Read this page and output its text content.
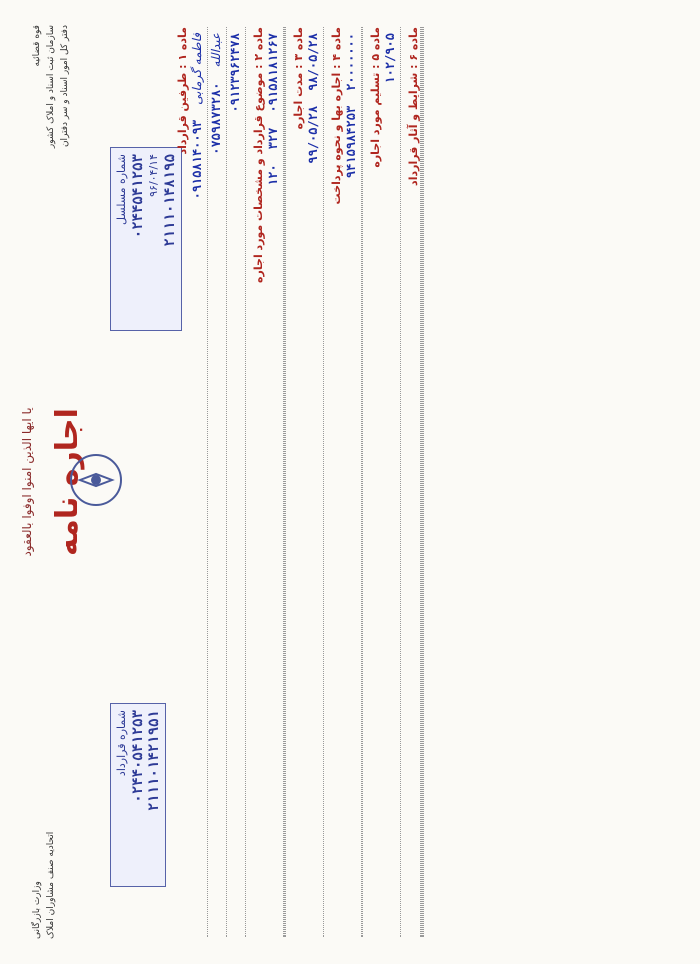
یا ایها الذین امنوا اوفوا بالعقود اجاره نامه
قوه قضائیه سازمان ثبت اسناد و املاک کشور دفتر کل امور اسناد و سر دفتران
وزارت بازرگانی اتحادیه صنف مشاوران املاک
شماره مسلسل ۰۲۴۴۵۴۱۲۵۳ ۹۶/۰۴/۱۴ ۲۱۱۱۰۱۴۸۱۹۵
شماره قرارداد ۰۲۴۴۰۵۴۱۲۵۳ ۲۱۱۱۰۱۴۲۱۹۵۱
ماده ۱ : طرفین قرارداد فاطمه گرمابی ۰۹۱۵۸۱۴۰۰۹۳
عبدالله ۰۷۵۹۸۷۳۲۸۰
۰۹۱۲۳۹۶۲۴۷۸ ماده ۲ : موضوع قرارداد و مشخصات مورد اجاره ۰۹۱۵۸۱۸۱۲۶۷ ۳۲۷ ۱۲۰
ماده ۳ : مدت اجاره ۹۸/۰۵/۲۸ ۹۹/۰۵/۲۸ ماده ۴ : اجاره بها و نحوه پرداخت ۲۰۰۰۰۰۰۰ ۹۴۱۵۹۸۴۲۵۳	ماده ۵ : تسلیم مورد اجاره ۱۰۲/۹۰۵
ماده ۶ : شرایط و آثار قرارداد
